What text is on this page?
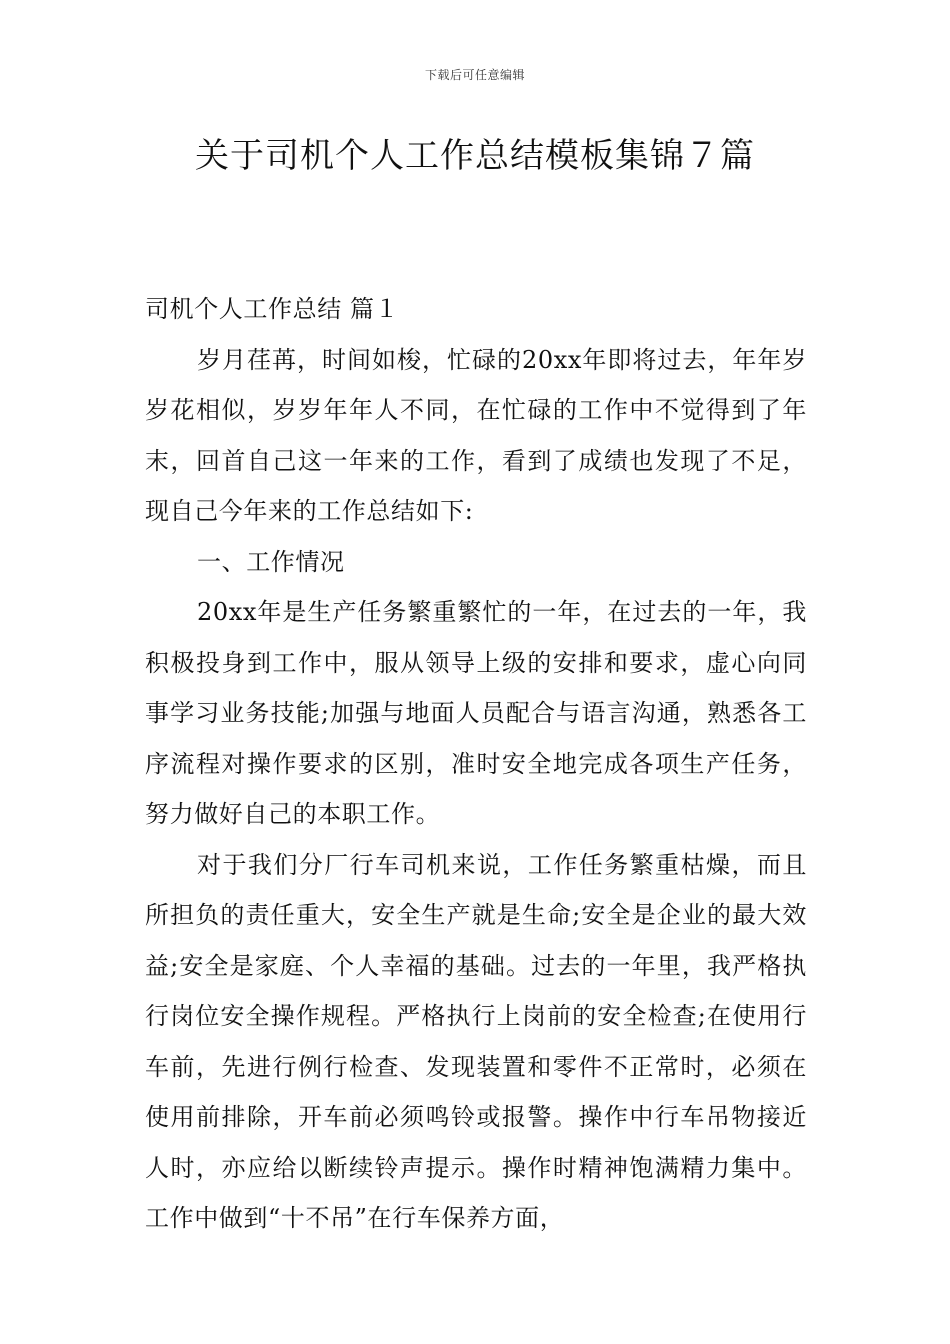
下载后可任意编辑
关于司机个人工作总结模板集锦７篇

司机个人工作总结 篇１

岁月荏苒，时间如梭，忙碌的20xx年即将过去，年年岁岁花相似，岁岁年年人不同，在忙碌的工作中不觉得到了年末，回首自己这一年来的工作，看到了成绩也发现了不足，现自己今年来的工作总结如下:

一、工作情况

20xx年是生产任务繁重繁忙的一年，在过去的一年，我积极投身到工作中，服从领导上级的安排和要求，虚心向同事学习业务技能;加强与地面人员配合与语言沟通，熟悉各工序流程对操作要求的区别，准时安全地完成各项生产任务，努力做好自己的本职工作。

对于我们分厂行车司机来说，工作任务繁重枯燥，而且所担负的责任重大，安全生产就是生命;安全是企业的最大效益;安全是家庭、个人幸福的基础。过去的一年里，我严格执行岗位安全操作规程。严格执行上岗前的安全检查;在使用行车前，先进行例行检查、发现装置和零件不正常时，必须在使用前排除，开车前必须鸣铃或报警。操作中行车吊物接近人时，亦应给以断续铃声提示。操作时精神饱满精力集中。工作中做到“十不吊”在行车保养方面，
